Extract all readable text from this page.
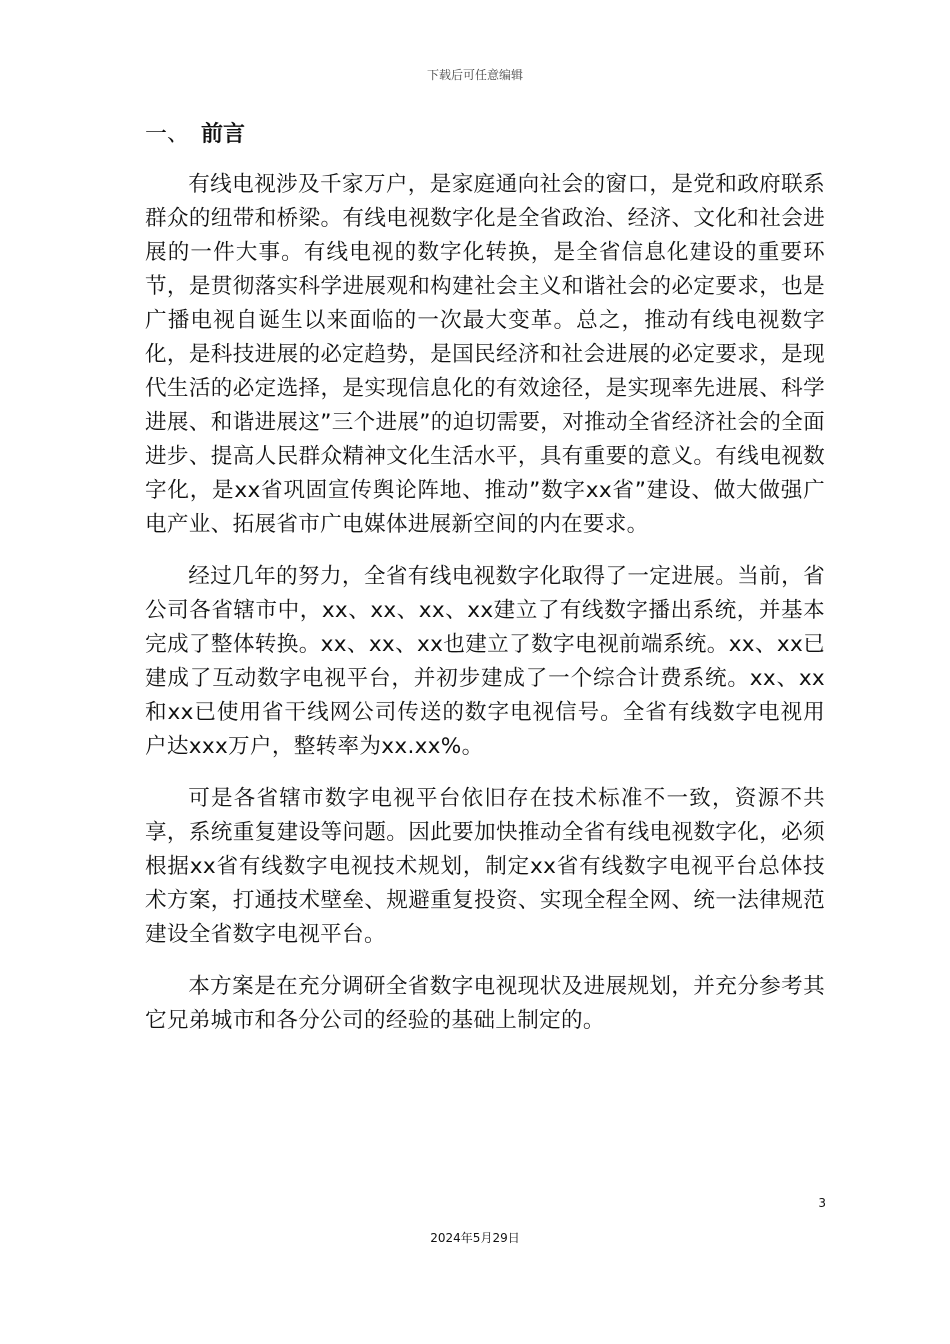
下载后可任意编辑
一、 前言

有线电视涉及千家万户，是家庭通向社会的窗口，是党和政府联系群众的纽带和桥梁。有线电视数字化是全省政治、经济、文化和社会进展的一件大事。有线电视的数字化转换，是全省信息化建设的重要环节，是贯彻落实科学进展观和构建社会主义和谐社会的必定要求，也是广播电视自诞生以来面临的一次最大变革。总之，推动有线电视数字化，是科技进展的必定趋势，是国民经济和社会进展的必定要求，是现代生活的必定选择，是实现信息化的有效途径，是实现率先进展、科学进展、和谐进展这”三个进展”的迫切需要，对推动全省经济社会的全面进步、提高人民群众精神文化生活水平，具有重要的意义。有线电视数字化，是xx省巩固宣传舆论阵地、推动”数字xx省”建设、做大做强广电产业、拓展省市广电媒体进展新空间的内在要求。

经过几年的努力，全省有线电视数字化取得了一定进展。当前，省公司各省辖市中，xx、xx、xx、xx建立了有线数字播出系统，并基本完成了整体转换。xx、xx、xx也建立了数字电视前端系统。xx、xx已建成了互动数字电视平台，并初步建成了一个综合计费系统。xx、xx和xx已使用省干线网公司传送的数字电视信号。全省有线数字电视用户达xxx万户，整转率为xx.xx%。

可是各省辖市数字电视平台依旧存在技术标准不一致，资源不共享，系统重复建设等问题。因此要加快推动全省有线电视数字化，必须根据xx省有线数字电视技术规划，制定xx省有线数字电视平台总体技术方案，打通技术壁垒、规避重复投资、实现全程全网、统一法律规范建设全省数字电视平台。

本方案是在充分调研全省数字电视现状及进展规划，并充分参考其它兄弟城市和各分公司的经验的基础上制定的。

3
2024年5月29日
